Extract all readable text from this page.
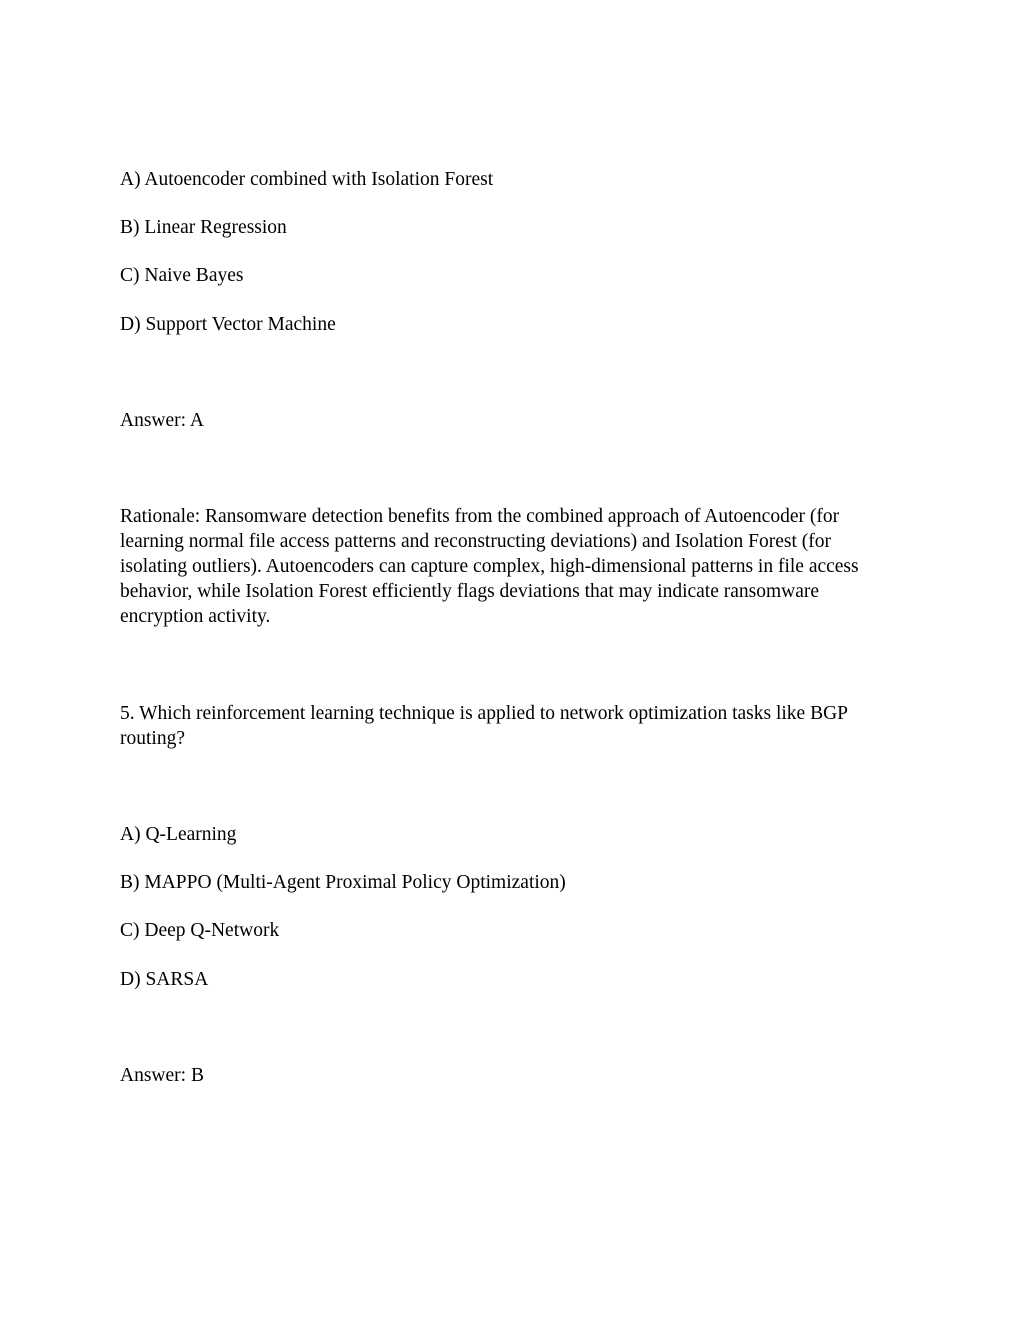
A) Autoencoder combined with Isolation Forest
B) Linear Regression
C) Naive Bayes
D) Support Vector Machine
Answer: A
Rationale: Ransomware detection benefits from the combined approach of Autoencoder (for
learning normal file access patterns and reconstructing deviations) and Isolation Forest (for
isolating outliers). Autoencoders can capture complex, high-dimensional patterns in file access
behavior, while Isolation Forest efficiently flags deviations that may indicate ransomware
encryption activity.
5. Which reinforcement learning technique is applied to network optimization tasks like BGP
routing?
A) Q-Learning
B) MAPPO (Multi-Agent Proximal Policy Optimization)
C) Deep Q-Network
D) SARSA
Answer: B
